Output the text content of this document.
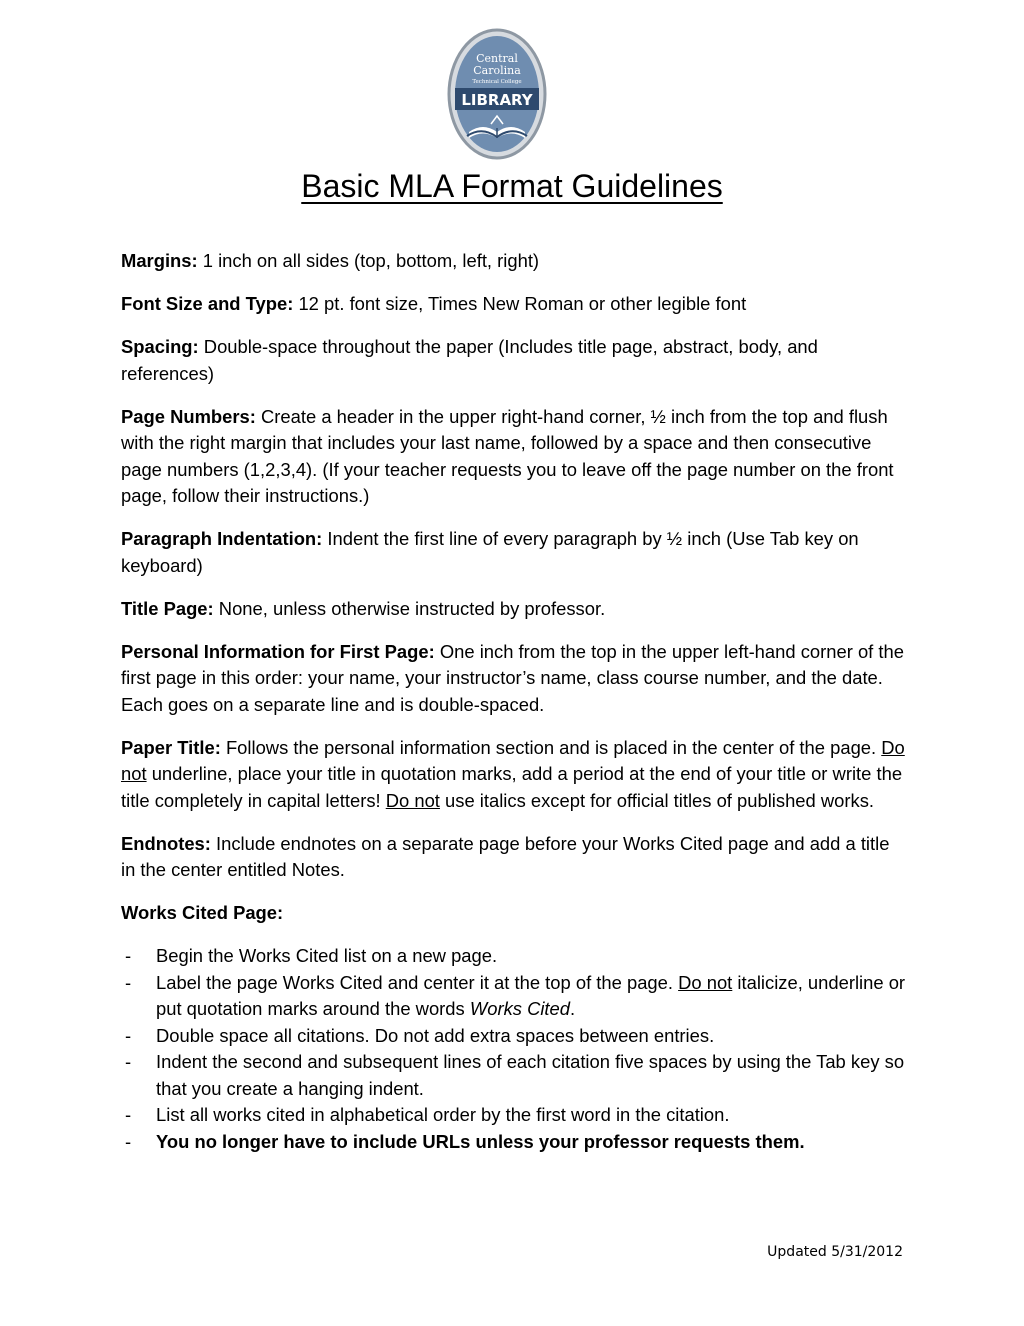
Central
Carolina
Technical College
LIBRARY
Basic MLA Format Guidelines

Margins: 1 inch on all sides (top, bottom, left, right)

Font Size and Type: 12 pt. font size, Times New Roman or other legible font

Spacing: Double-space throughout the paper (Includes title page, abstract, body, and references)

Page Numbers: Create a header in the upper right-hand corner, ½ inch from the top and flush with the right margin that includes your last name, followed by a space and then consecutive page numbers (1,2,3,4). (If your teacher requests you to leave off the page number on the front page, follow their instructions.)

Paragraph Indentation: Indent the first line of every paragraph by ½ inch (Use Tab key on keyboard)

Title Page: None, unless otherwise instructed by professor.

Personal Information for First Page: One inch from the top in the upper left-hand corner of the first page in this order: your name, your instructor’s name, class course number, and the date. Each goes on a separate line and is double-spaced.

Paper Title: Follows the personal information section and is placed in the center of the page. Do not underline, place your title in quotation marks, add a period at the end of your title or write the title completely in capital letters! Do not use italics except for official titles of published works.

Endnotes: Include endnotes on a separate page before your Works Cited page and add a title in the center entitled Notes.

Works Cited Page:

- Begin the Works Cited list on a new page.
- Label the page Works Cited and center it at the top of the page. Do not italicize, underline or put quotation marks around the words Works Cited.
- Double space all citations. Do not add extra spaces between entries.
- Indent the second and subsequent lines of each citation five spaces by using the Tab key so that you create a hanging indent.
- List all works cited in alphabetical order by the first word in the citation.
- You no longer have to include URLs unless your professor requests them.
Updated 5/31/2012
